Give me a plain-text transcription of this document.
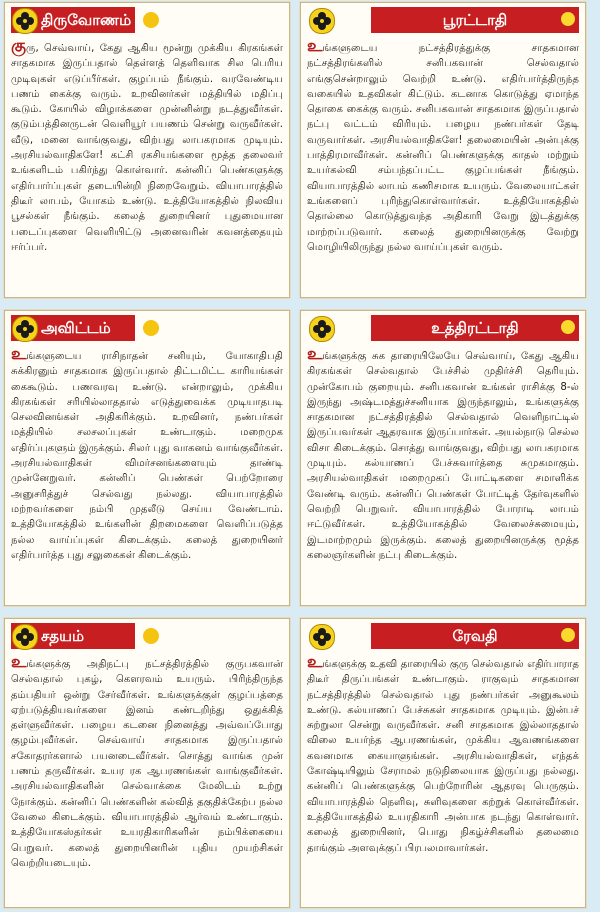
திருவோணம்
குரு, செவ்வாய், கேது ஆகிய மூன்று முக்கிய கிரகங்கள் சாதகமாக இருப்பதால் தெள்ளத் தெளிவாக சில பெரிய முடிவுகள் எடுப்பீர்கள். குழப்பம் நீங்கும். வரவேண்டிய பணம் கைக்கு வரும். உறவினர்கள் மத்தியில் மதிப்பு கூடும். கோயில் விழாக்களை முன்னின்று நடத்துவீர்கள். குடும்பத்தினருடன் வெளியூர் பயணம் சென்று வருவீர்கள். வீடு, மனை வாங்குவது, விற்பது லாபகரமாக முடியும். அரசியல்வாதிகளே! கட்சி ரகசியங்களை மூத்த தலைவர் உங்களிடம் பகிர்ந்து கொள்வார். கன்னிப் பெண்களுக்கு எதிர்பார்ப்புகள் தடையின்றி நிறைவேறும். வியாபாரத்தில் திடீர் லாபம், யோகம் உண்டு. உத்தியோகத்தில் நிலவிய பூசல்கள் நீங்கும். கலைத் துறையினர் புதுமையான படைப்புகளை வெளியிட்டு அனைவரின் கவனத்தையும் ஈர்ப்பர்.
பூரட்டாதி
உங்களுடைய நட்சத்திரத்துக்கு சாதகமான நட்சத்திரங்களில் சனிபகவான் செல்வதால் எங்குசென்றாலும் வெற்றி உண்டு. எதிர்பார்த்திருந்த வகையில் உதவிகள் கிட்டும். கடனாக கொடுத்து ஏமாந்த தொகை கைக்கு வரும். சனிபகவான் சாதகமாக இருப்பதால் நட்பு வட்டம் விரியும். பழைய நண்பர்கள் தேடி வருவார்கள். அரசியல்வாதிகளே! தலைமையின் அன்புக்கு பாத்திரமாவீர்கள். கன்னிப் பெண்களுக்கு காதல் மற்றும் உயர்கல்வி சம்பந்தப்பட்ட குழப்பங்கள் நீங்கும். வியாபாரத்தில் லாபம் கணிசமாக உயரும். வேலையாட்கள் உங்களைப் புரிந்துகொள்வார்கள். உத்தியோகத்தில் தொல்லை கொடுத்துவந்த அதிகாரி வேறு இடத்துக்கு மாற்றப்படுவார். கலைத் துறையினருக்கு வேற்று மொழியிலிருந்து நல்ல வாய்ப்புகள் வரும்.
அவிட்டம்
உங்களுடைய ராசிநாதன் சனியும், யோகாதிபதி சுக்கிரனும் சாதகமாக இருப்பதால் திட்டமிட்ட காரியங்கள் கைகூடும். பணவரவு உண்டு. என்றாலும், முக்கிய கிரகங்கள் சரியில்லாததால் எடுத்துவைக்க முடியாதபடி செலவினங்கள் அதிகரிக்கும். உறவினர், நண்பர்கள் மத்தியில் சலசலப்புகள் உண்டாகும். மறைமுக எதிர்ப்புகளும் இருக்கும். சிலர் புது வாகனம் வாங்குவீர்கள். அரசியல்வாதிகள் விமர்சனங்களையும் தாண்டி முன்னேறுவர். கன்னிப் பெண்கள் பெற்றோரை அனுசரித்துச் செல்வது நல்லது. வியாபாரத்தில் மற்றவர்களை நம்பி முதலீடு செய்ய வேண்டாம். உத்தியோகத்தில் உங்களின் திறமைகளை வெளிப்படுத்த நல்ல வாய்ப்புகள் கிடைக்கும். கலைத் துறையினர் எதிர்பார்த்த புது சலுகைகள் கிடைக்கும்.
உத்திரட்டாதி
உங்களுக்கு சுக தாரையிலேயே செவ்வாய், கேது ஆகிய கிரகங்கள் செல்வதால் பேச்சில் முதிர்ச்சி தெரியும். முன்கோபம் குறையும். சனிபகவான் உங்கள் ராசிக்கு 8-ல் இருந்து அஷ்டமத்துச்சனியாக இருந்தாலும், உங்களுக்கு சாதகமான நட்சத்திரத்தில் செல்வதால் வெளிநாட்டில் இருப்பவர்கள் ஆதரவாக இருப்பார்கள். அயல்நாடு செல்ல விசா கிடைக்கும். சொத்து வாங்குவது, விற்பது லாபகரமாக முடியும். கல்யாணப் பேச்சுவார்த்தை சுமுகமாகும். அரசியல்வாதிகள் மறைமுகப் போட்டிகளை சமாளிக்க வேண்டி வரும். கன்னிப் பெண்கள் போட்டித் தேர்வுகளில் வெற்றி பெறுவர். வியாபாரத்தில் போராடி லாபம் ஈட்டுவீர்கள். உத்தியோகத்தில் வேலைச்சுமையும், இடமாற்றமும் இருக்கும். கலைத் துறையினருக்கு மூத்த கலைஞர்களின் நட்பு கிடைக்கும்.
சதயம்
உங்களுக்கு அதிநட்பு நட்சத்திரத்தில் குருபகவான் செல்வதால் புகழ், கௌரவம் உயரும். பிரிந்திருந்த தம்பதியர் ஒன்று சேர்வீர்கள். உங்களுக்குள் குழப்பத்தை ஏற்படுத்தியவர்களை இனம் கண்டறிந்து ஒதுக்கித் தள்ளுவீர்கள். பழைய கடனை நினைத்து அவ்வப்போது குழம்புவீர்கள். செவ்வாய் சாதகமாக இருப்பதால் சகோதரர்களால் பயனடைவீர்கள். சொத்து வாங்க முன் பணம் தருவீர்கள். உயர ரக ஆபரணங்கள் வாங்குவீர்கள். அரசியல்வாதிகளின் செல்வாக்கை மேலிடம் உற்று நோக்கும். கன்னிப் பெண்களின் கல்வித் தகுதிக்கேற்ப நல்ல வேலை கிடைக்கும். வியாபாரத்தில் ஆர்வம் உண்டாகும். உத்தியோகஸ்தர்கள் உயரதிகாரிகளின் நம்பிக்கையை பெறுவர். கலைத் துறையினரின் புதிய முயற்சிகள் வெற்றியடையும்.
ரேவதி
உங்களுக்கு உதவி தாரையில் குரு செல்வதால் எதிர்பாராத திடீர் திருப்பங்கள் உண்டாகும். ராகுவும் சாதகமான நட்சத்திரத்தில் செல்வதால் புது நண்பர்கள் அனுகூலம் உண்டு. கல்யாணப் பேச்சுகள் சாதகமாக முடியும். இன்பச் சுற்றுலா சென்று வருவீர்கள். சனி சாதகமாக இல்லாததால் விலை உயர்ந்த ஆபரணங்கள், முக்கிய ஆவணங்களை கவனமாக கையாளுங்கள். அரசியல்வாதிகள், எந்தக் கோஷ்டியிலும் சேராமல் நடுநிலையாக இருப்பது நல்லது. கன்னிப் பெண்களுக்கு பெற்றோரின் ஆதரவு பெருகும். வியாபாரத்தில் நெளிவு, சுளிவுகளை கற்றுக் கொள்வீர்கள். உத்தியோகத்தில் உயரதிகாரி அன்பாக நடந்து கொள்வார். கலைத் துறையினர், பொது நிகழ்ச்சிகளில் தலைமை தாங்கும் அளவுக்குப் பிரபலமாவார்கள்.
